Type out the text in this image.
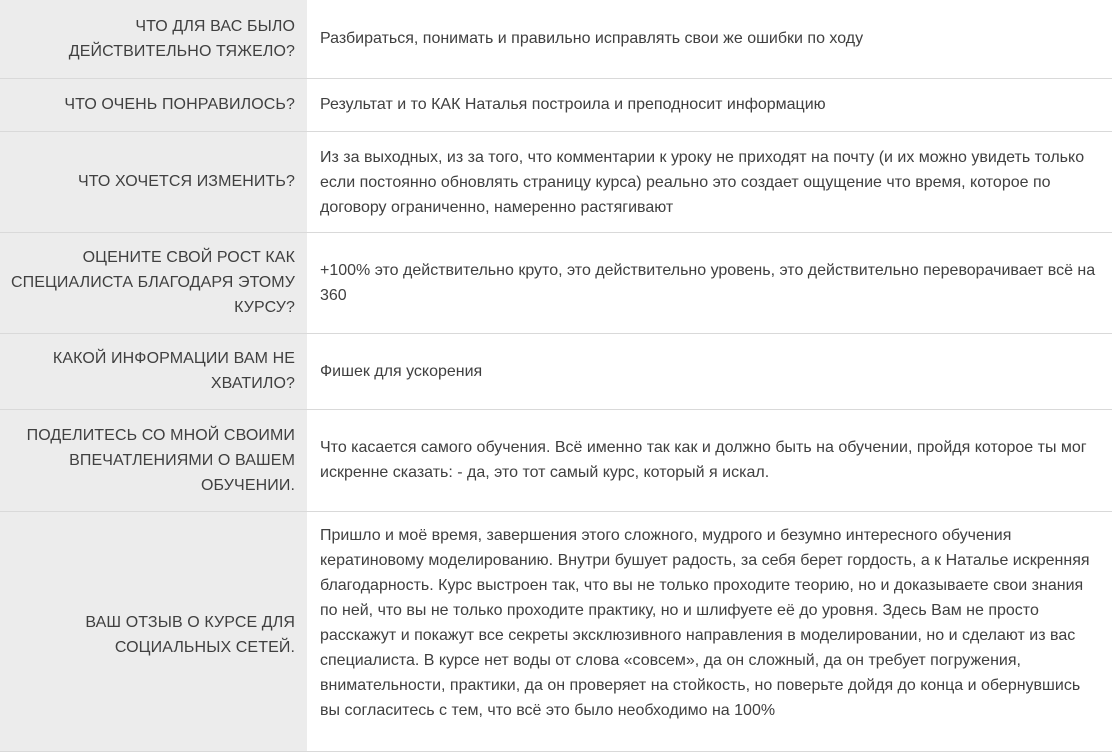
ЧТО ДЛЯ ВАС БЫЛО ДЕЙСТВИТЕЛЬНО ТЯЖЕЛО?	Разбираться, понимать и правильно исправлять свои же ошибки по ходу
ЧТО ОЧЕНЬ ПОНРАВИЛОСЬ?	Результат и то КАК Наталья построила и преподносит информацию
ЧТО ХОЧЕТСЯ ИЗМЕНИТЬ?	Из за выходных, из за того, что комментарии к уроку не приходят на почту (и их можно увидеть только если постоянно обновлять страницу курса) реально это создает ощущение что время, которое по договору ограниченно, намеренно растягивают
ОЦЕНИТЕ СВОЙ РОСТ КАК СПЕЦИАЛИСТА БЛАГОДАРЯ ЭТОМУ КУРСУ?	+100% это действительно круто, это действительно уровень, это действительно переворачивает всё на 360
КАКОЙ ИНФОРМАЦИИ ВАМ НЕ ХВАТИЛО?	Фишек для ускорения
ПОДЕЛИТЕСЬ СО МНОЙ СВОИМИ ВПЕЧАТЛЕНИЯМИ О ВАШЕМ ОБУЧЕНИИ.	Что касается самого обучения. Всё именно так как и должно быть на обучении, пройдя которое ты мог искренне сказать: - да, это тот самый курс, который я искал.
ВАШ ОТЗЫВ О КУРСЕ ДЛЯ СОЦИАЛЬНЫХ СЕТЕЙ.	Пришло и моё время, завершения этого сложного, мудрого и безумно интересного обучения кератиновому моделированию. Внутри бушует радость, за себя берет гордость, а к Наталье искренняя благодарность. Курс выстроен так, что вы не только проходите теорию, но и доказываете свои знания по ней, что вы не только проходите практику, но и шлифуете её до уровня. Здесь Вам не просто расскажут и покажут все секреты эксклюзивного направления в моделировании, но и сделают из вас специалиста. В курсе нет воды от слова «совсем», да он сложный, да он требует погружения, внимательности, практики, да он проверяет на стойкость, но поверьте дойдя до конца и обернувшись вы согласитесь с тем, что всё это было необходимо на 100%
